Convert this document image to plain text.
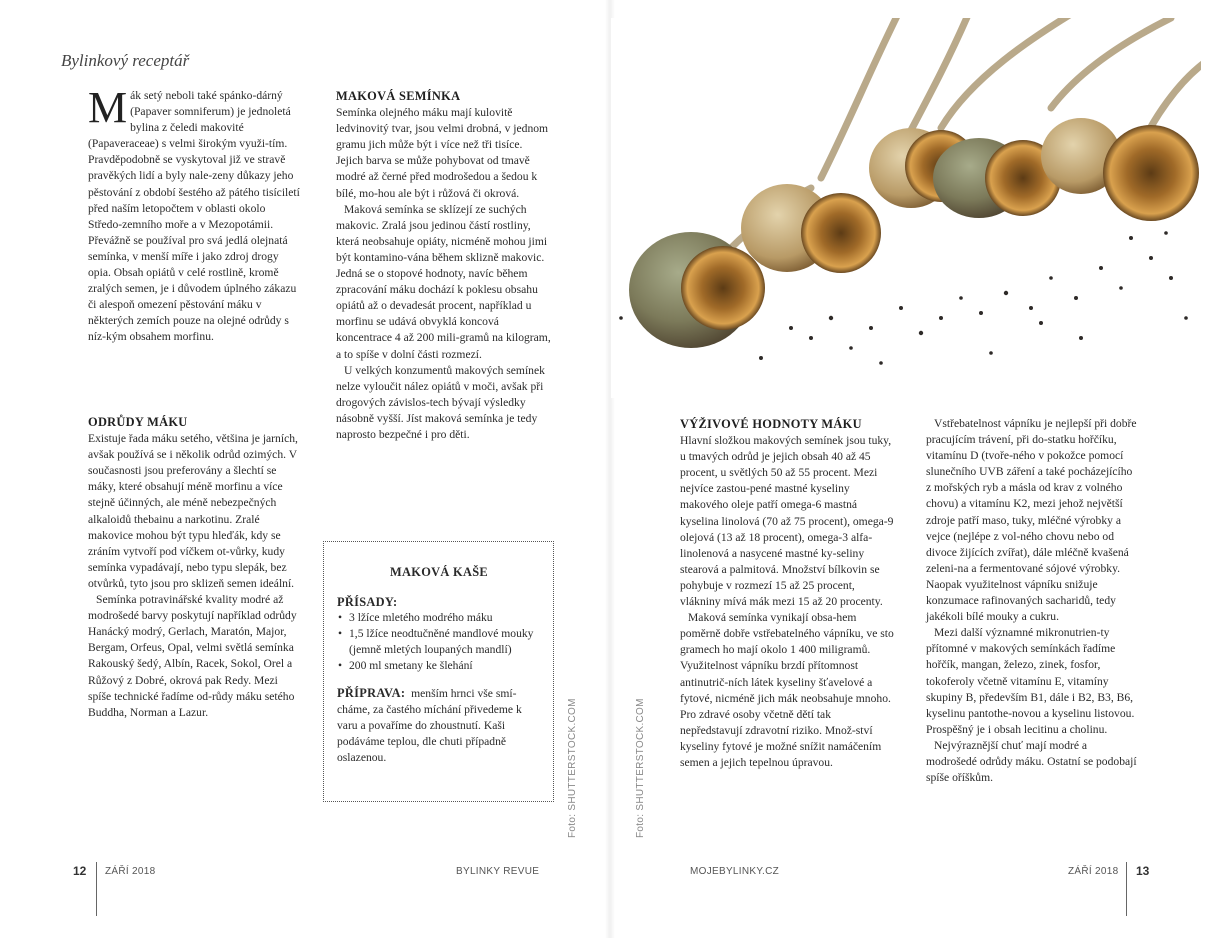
Bylinkový receptář

Mák setý neboli také spánko-dárný (Papaver somniferum) je jednoletá bylina z čeledi makovité (Papaveraceae) s velmi širokým využi-tím. Pravděpodobně se vyskytoval již ve stravě pravěkých lidí a byly nale-zeny důkazy jeho pěstování z období šestého až pátého tisíciletí před naším letopočtem v oblasti okolo Středo-zemního moře a v Mezopotámii. Převážně se používal pro svá jedlá olejnatá semínka, v menší míře i jako zdroj drogy opia. Obsah opiátů v celé rostlině, kromě zralých semen, je i důvodem úplného zákazu či alespoň omezení pěstování máku v některých zemích pouze na olejné odrůdy s níz-kým obsahem morfinu.

ODRŮDY MÁKU

Existuje řada máku setého, většina je jarních, avšak používá se i několik odrůd ozimých. V současnosti jsou preferovány a šlechtí se máky, které obsahují méně morfinu a více stejně účinných, ale méně nebezpečných alkaloidů thebainu a narkotinu. Zralé makovice mohou být typu hleďák, kdy se zráním vytvoří pod víčkem ot-vůrky, kudy semínka vypadávají, nebo typu slepák, bez otvůrků, tyto jsou pro sklizeň semen ideální.

Semínka potravinářské kvality modré až modrošedé barvy poskytují například odrůdy Hanácký modrý, Gerlach, Maratón, Major, Bergam, Orfeus, Opal, velmi světlá semínka Rakouský šedý, Albín, Racek, Sokol, Orel a Růžový z Dobré, okrová pak Redy. Mezi spíše technické řadíme od-růdy máku setého Buddha, Norman a Lazur.

MAKOVÁ SEMÍNKA

Semínka olejného máku mají kulovitě ledvinovitý tvar, jsou velmi drobná, v jednom gramu jich může být i více než tři tisíce. Jejich barva se může pohybovat od tmavě modré až černé před modrošedou a šedou k bílé, mo-hou ale být i růžová či okrová.

Maková semínka se sklízejí ze suchých makovic. Zralá jsou jedinou částí rostliny, která neobsahuje opiáty, nicméně mohou jimi být kontamino-vána během sklizně makovic. Jedná se o stopové hodnoty, navíc během zpracování máku dochází k poklesu obsahu opiátů až o devadesát procent, například u morfinu se udává obvyklá koncová koncentrace 4 až 200 mili-gramů na kilogram, a to spíše v dolní části rozmezí.

U velkých konzumentů makových semínek nelze vyloučit nález opiátů v moči, avšak při drogových závislos-tech bývají výsledky násobně vyšší. Jíst maková semínka je tedy naprosto bezpečné i pro děti.

MAKOVÁ KAŠE
PŘÍSADY:
• 3 lžíce mletého modrého máku
• 1,5 lžíce neodtučněné mandlové mouky (jemně mletých loupaných mandlí)
• 200 ml smetany ke šlehání
PŘÍPRAVA: menším hrnci vše smí-cháme, za častého míchání přivedeme k varu a povaříme do zhoustnutí. Kaši podáváme teplou, dle chuti případně oslazenou.	Foto: SHUTTERSTOCK.COM	Foto: SHUTTERSTOCK.COM
VÝŽIVOVÉ HODNOTY MÁKU

Hlavní složkou makových semínek jsou tuky, u tmavých odrůd je jejich obsah 40 až 45 procent, u světlých 50 až 55 procent. Mezi nejvíce zastou-pené mastné kyseliny makového oleje patří omega-6 mastná kyselina linolová (70 až 75 procent), omega-9 olejová (13 až 18 procent), omega-3 alfa-linolenová a nasycené mastné ky-seliny stearová a palmitová. Množství bílkovin se pohybuje v rozmezí 15 až 25 procent, vlákniny mívá mák mezi 15 až 20 procenty.

Maková semínka vynikají obsa-hem poměrně dobře vstřebatelného vápníku, ve sto gramech ho mají okolo 1 400 miligramů. Využitelnost vápníku brzdí přítomnost antinutrič-ních látek kyseliny šťavelové a fytové, nicméně jich mák neobsahuje mnoho. Pro zdravé osoby včetně dětí tak nepředstavují zdravotní riziko. Množ-ství kyseliny fytové je možné snížit namáčením semen a jejich tepelnou úpravou.

Vstřebatelnost vápníku je nejlepší při dobře pracujícím trávení, při do-statku hořčíku, vitamínu D (tvoře-ného v pokožce pomocí slunečního UVB záření a také pocházejícího z mořských ryb a másla od krav z volného chovu) a vitamínu K2, mezi jehož největší zdroje patří maso, tuky, mléčné výrobky a vejce (nejlépe z vol-ného chovu nebo od divoce žijících zvířat), dále mléčně kvašená zeleni-na a fermentované sójové výrobky. Naopak využitelnost vápníku snižuje konzumace rafinovaných sacharidů, tedy jakékoli bílé mouky a cukru.

Mezi další významné mikronutrien-ty přítomné v makových semínkách řadíme hořčík, mangan, železo, zinek, fosfor, tokoferoly včetně vitamínu E, vitamíny skupiny B, především B1, dále i B2, B3, B6, kyselinu pantothe-novou a kyselinu listovou. Prospěšný je i obsah lecitinu a cholinu.

Nejvýraznější chuť mají modré a modrošedé odrůdy máku. Ostatní se podobají spíše oříškům.

12 ZÁŘÍ 2018	BYLINKY REVUE	MOJEBYLINKY.CZ	ZÁŘÍ 2018 13
